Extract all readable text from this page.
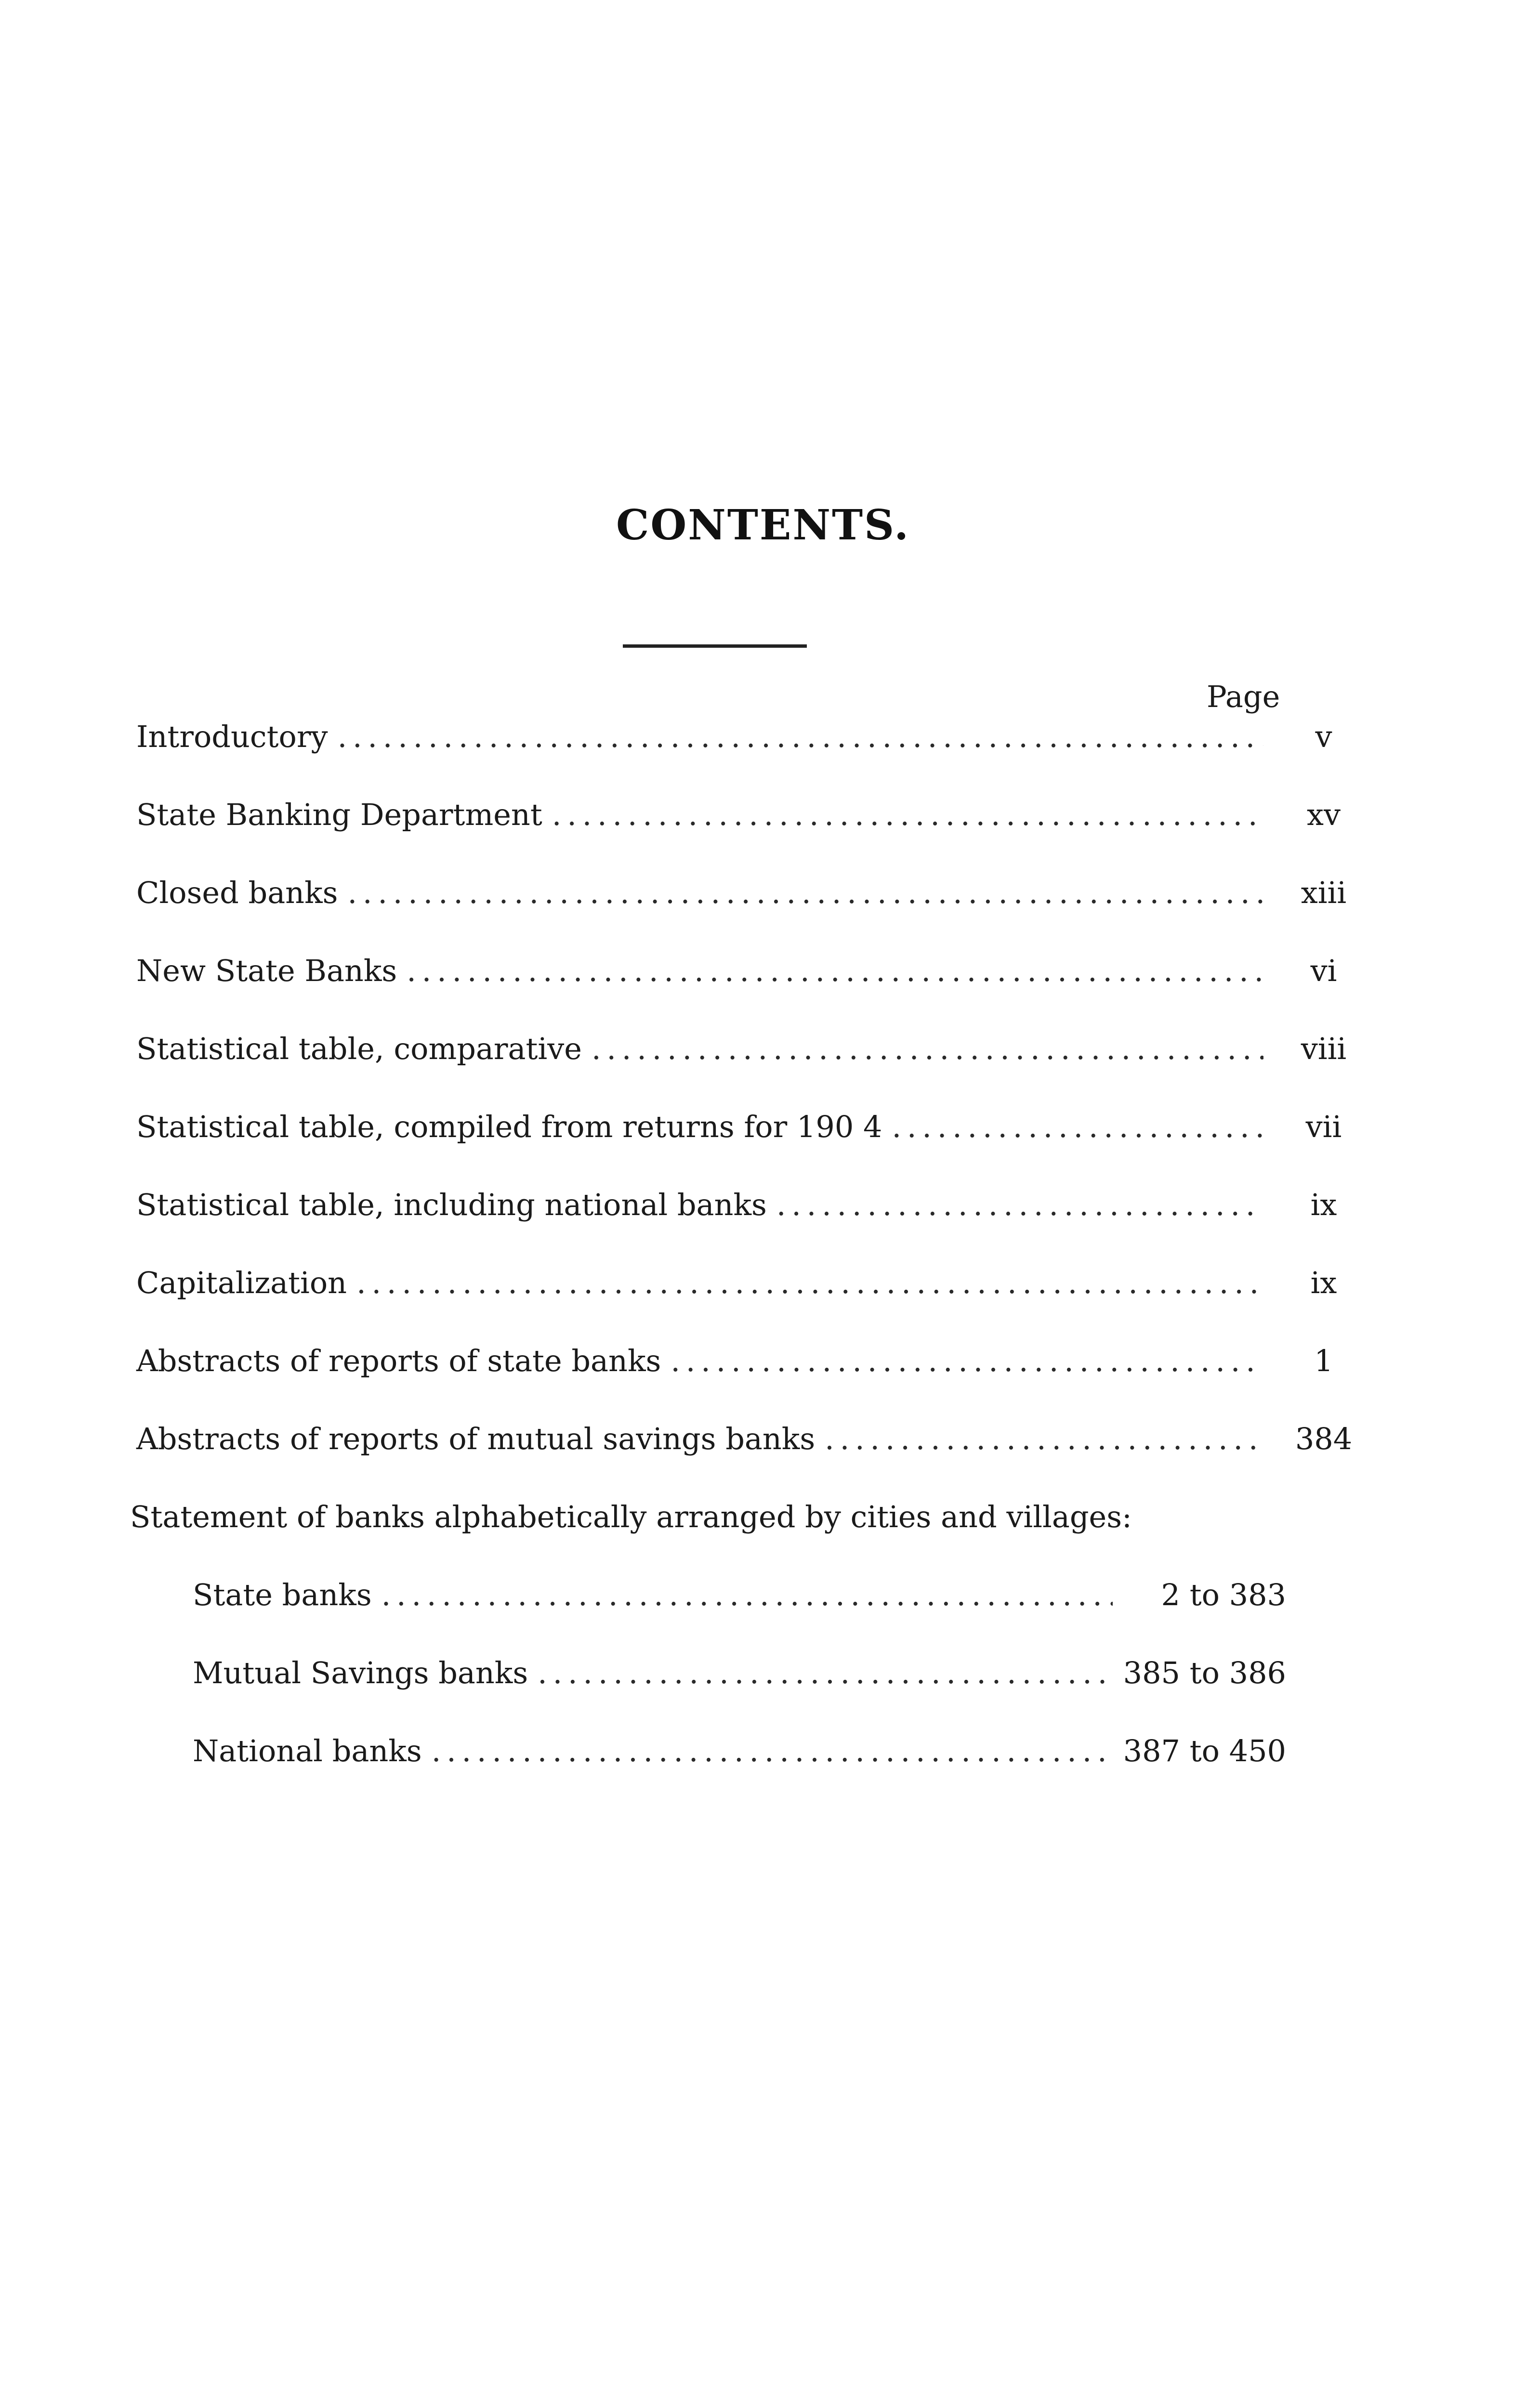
CONTENTS.
Page
Introductory . . .	v
State Banking Department . . .	xv
Closed banks . . .	xiii
New State Banks . . .	vi
Statistical table, comparative . . .	viii
Statistical table, compiled from returns for 190 4 . . .	vii
Statistical table, including national banks . . .	ix
Capitalization . . .	ix
Abstracts of reports of state banks . . .	1
Abstracts of reports of mutual savings banks . . .	384
Statement of banks alphabetically arranged by cities and villages:
State banks . . .	2 to 383
Mutual Savings banks . . .	385 to 386
National banks . . .	387 to 450
